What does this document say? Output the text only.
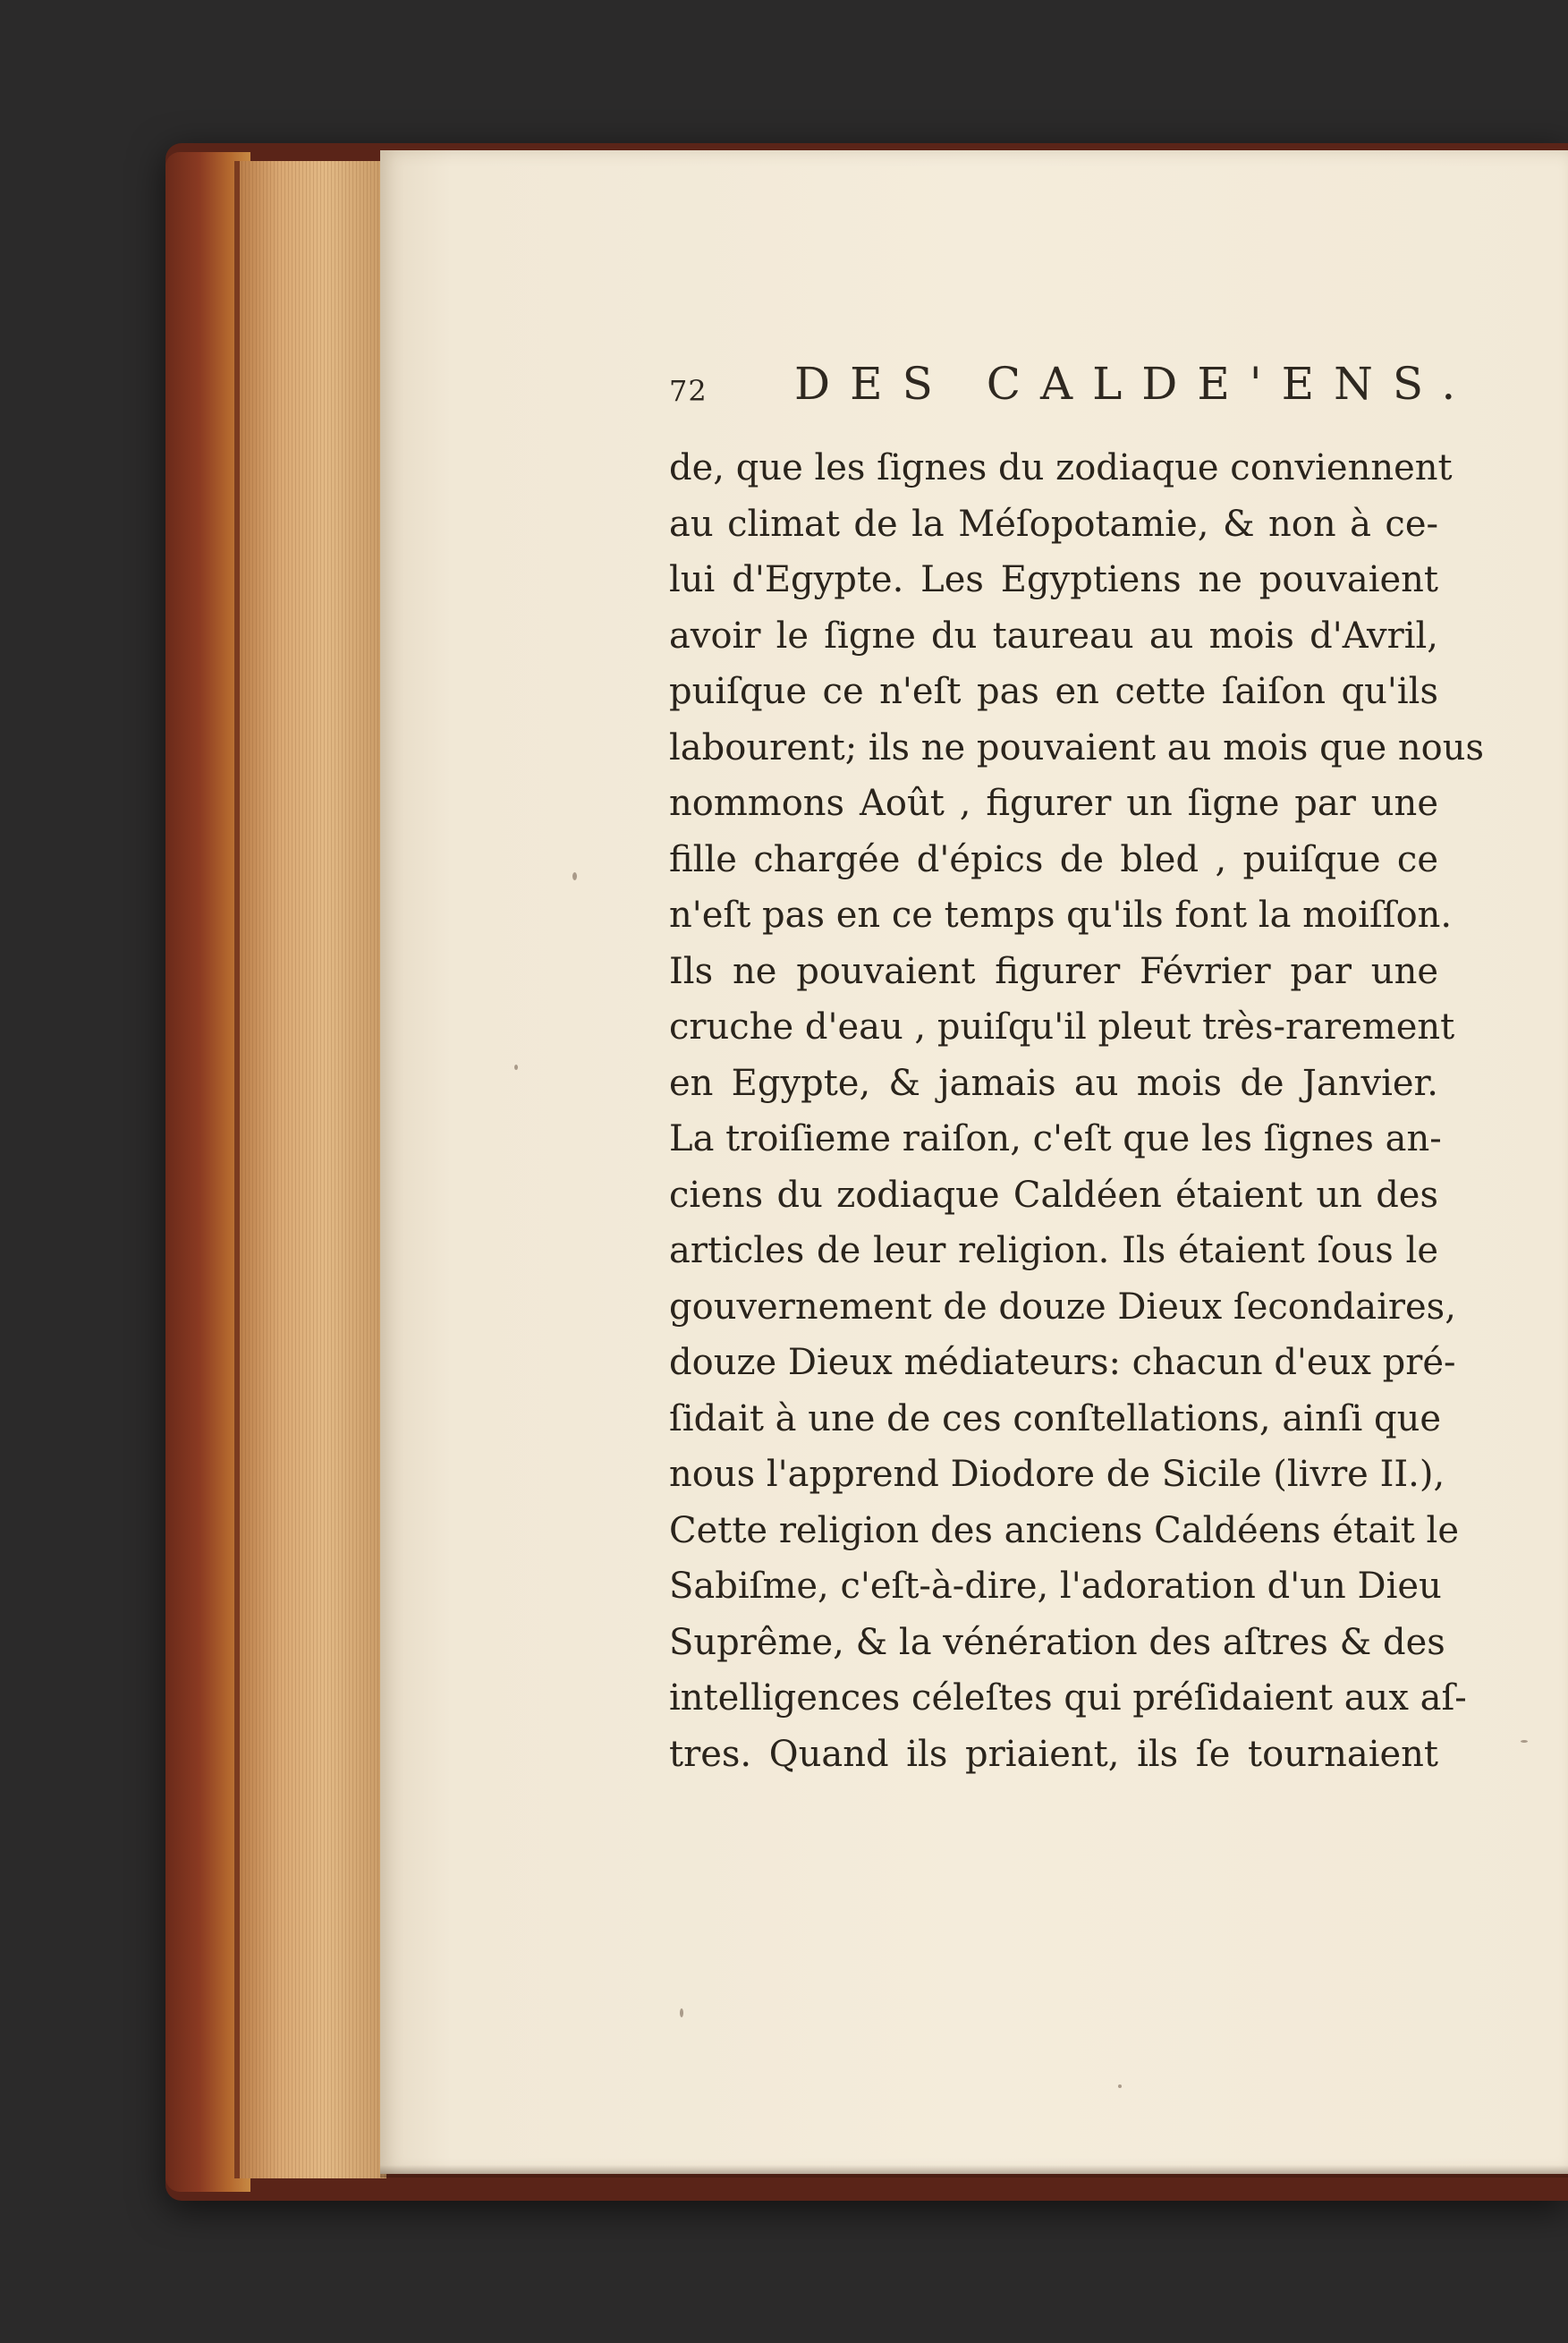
72 DES CALDE'ENS.
de, que les ſignes du zodiaque conviennent
au climat de la Méſopotamie, & non à ce-
lui d'Egypte. Les Egyptiens ne pouvaient
avoir le ſigne du taureau au mois d'Avril,
puiſque ce n'eſt pas en cette ſaiſon qu'ils
labourent; ils ne pouvaient au mois que nous
nommons Août , figurer un ſigne par une
fille chargée d'épics de bled , puiſque ce
n'eſt pas en ce temps qu'ils font la moiſſon.
Ils ne pouvaient figurer Février par une
cruche d'eau , puiſqu'il pleut très-rarement
en Egypte, & jamais au mois de Janvier.
La troiſieme raiſon, c'eſt que les ſignes an-
ciens du zodiaque Caldéen étaient un des
articles de leur religion. Ils étaient ſous le
gouvernement de douze Dieux ſecondaires,
douze Dieux médiateurs: chacun d'eux pré-
ſidait à une de ces conſtellations, ainſi que
nous l'apprend Diodore de Sicile (livre II.),
Cette religion des anciens Caldéens était le
Sabiſme, c'eſt-à-dire, l'adoration d'un Dieu
Suprême, & la vénération des aſtres & des
intelligences céleſtes qui préſidaient aux aſ-
tres. Quand ils priaient, ils ſe tournaient
